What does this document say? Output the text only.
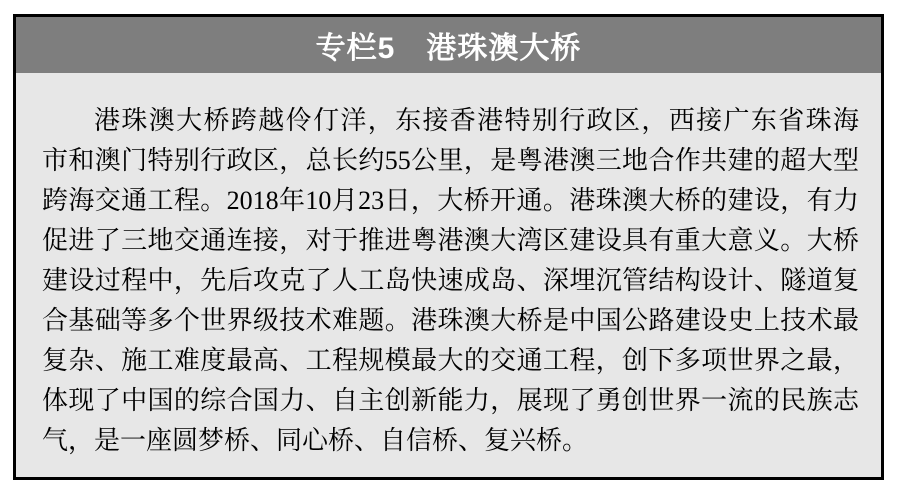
专栏5　港珠澳大桥
港珠澳大桥跨越伶仃洋，东接香港特别行政区，西接广东省珠海
市和澳门特别行政区，总长约55公里，是粤港澳三地合作共建的超大型
跨海交通工程。2018年10月23日，大桥开通。港珠澳大桥的建设，有力
促进了三地交通连接，对于推进粤港澳大湾区建设具有重大意义。大桥
建设过程中，先后攻克了人工岛快速成岛、深埋沉管结构设计、隧道复
合基础等多个世界级技术难题。港珠澳大桥是中国公路建设史上技术最
复杂、施工难度最高、工程规模最大的交通工程，创下多项世界之最，
体现了中国的综合国力、自主创新能力，展现了勇创世界一流的民族志
气，是一座圆梦桥、同心桥、自信桥、复兴桥。
